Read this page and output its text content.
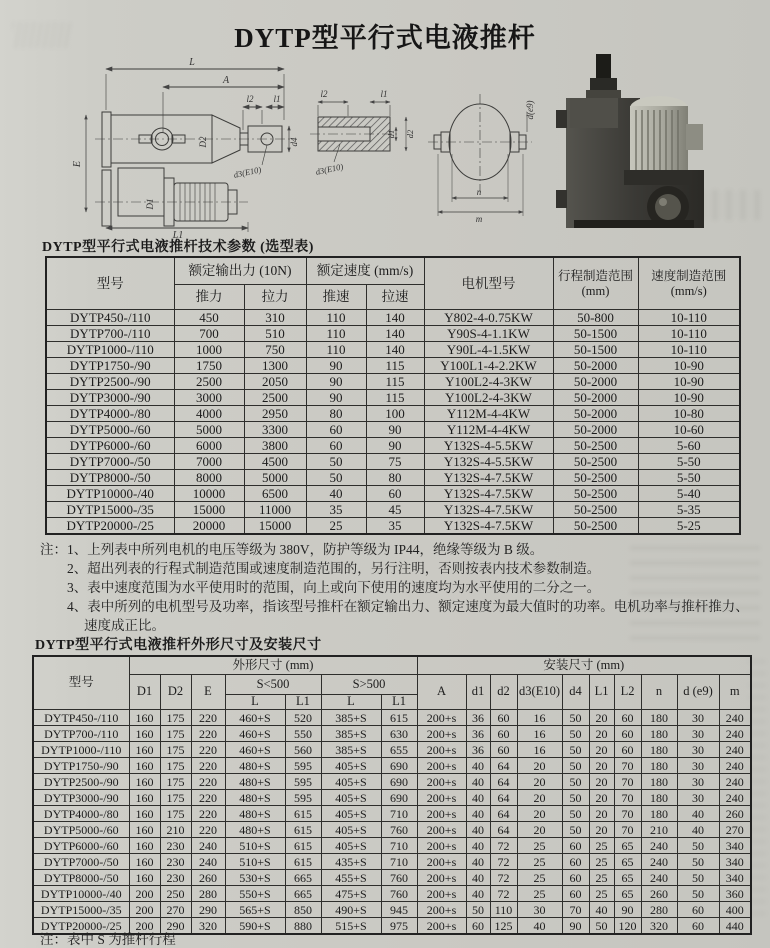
DYTP型平行式电液推杆
L
A
l2 l1
d4
D2
d3(E10)
E
D1
L1
l2	l1
d1 d2
d3(E10)
d(e9)
n
m
DYTP型平行式电液推杆技术参数 (选型表)
型号	额定输出力 (10N)		额定速度 (mm/s)		电机型号	行程制造范围
(mm)	速度制造范围
(mm/s)

	推力	拉力	推速	拉速			
DYTP450-/110	450	310	110	140	Y802-4-0.75KW	50-800	10-110
DYTP700-/110	700	510	110	140	Y90S-4-1.1KW	50-1500	10-110
DYTP1000-/110	1000	750	110	140	Y90L-4-1.5KW	50-1500	10-110
DYTP1750-/90	1750	1300	90	115	Y100L1-4-2.2KW	50-2000	10-90
DYTP2500-/90	2500	2050	90	115	Y100L2-4-3KW	50-2000	10-90
DYTP3000-/90	3000	2500	90	115	Y100L2-4-3KW	50-2000	10-90
DYTP4000-/80	4000	2950	80	100	Y112M-4-4KW	50-2000	10-80
DYTP5000-/60	5000	3300	60	90	Y112M-4-4KW	50-2000	10-60
DYTP6000-/60	6000	3800	60	90	Y132S-4-5.5KW	50-2500	5-60
DYTP7000-/50	7000	4500	50	75	Y132S-4-5.5KW	50-2500	5-50
DYTP8000-/50	8000	5000	50	80	Y132S-4-7.5KW	50-2500	5-50
DYTP10000-/40	10000	6500	40	60	Y132S-4-7.5KW	50-2500	5-40
DYTP15000-/35	15000	11000	35	45	Y132S-4-7.5KW	50-2500	5-35
DYTP20000-/25	20000	15000	25	35	Y132S-4-7.5KW	50-2500	5-25
注：1、上列表中所列电机的电压等级为 380V，防护等级为 IP44，绝缘等级为 B 级。
2、超出列表的行程式制造范围或速度制造范围的，另行注明，否则按表内技术参数制造。
3、表中速度范围为水平使用时的范围，向上或向下使用的速度均为水平使用的二分之一。
4、表中所列的电机型号及功率，指该型号推杆在额定输出力、额定速度为最大值时的功率。电机功率与推杆推力、
速度成正比。
DYTP型平行式电液推杆外形尺寸及安装尺寸
型号	外形尺寸 (mm)							安装尺寸 (mm)									
	D1	D2	E	S<500		S>500		A	d1	d2	d3(E10)	d4	L1	L2	n	d (e9)	m
				L	L1	L	L1										
DYTP450-/110	160	175	220	460+S	520	385+S	615	200+s	36	60	16	50	20	60	180	30	240
DYTP700-/110	160	175	220	460+S	550	385+S	630	200+s	36	60	16	50	20	60	180	30	240
DYTP1000-/110	160	175	220	460+S	560	385+S	655	200+s	36	60	16	50	20	60	180	30	240
DYTP1750-/90	160	175	220	480+S	595	405+S	690	200+s	40	64	20	50	20	70	180	30	240
DYTP2500-/90	160	175	220	480+S	595	405+S	690	200+s	40	64	20	50	20	70	180	30	240
DYTP3000-/90	160	175	220	480+S	595	405+S	690	200+s	40	64	20	50	20	70	180	30	240
DYTP4000-/80	160	175	220	480+S	615	405+S	710	200+s	40	64	20	50	20	70	180	40	260
DYTP5000-/60	160	210	220	480+S	615	405+S	760	200+s	40	64	20	50	20	70	210	40	270
DYTP6000-/60	160	230	240	510+S	615	405+S	710	200+s	40	72	25	60	25	65	240	50	340
DYTP7000-/50	160	230	240	510+S	615	435+S	710	200+s	40	72	25	60	25	65	240	50	340
DYTP8000-/50	160	230	260	530+S	665	455+S	760	200+s	40	72	25	60	25	65	240	50	340
DYTP10000-/40	200	250	280	550+S	665	475+S	760	200+s	40	72	25	60	25	65	260	50	360
DYTP15000-/35	200	270	290	565+S	850	490+S	945	200+s	50	110	30	70	40	90	280	60	400
DYTP20000-/25	200	290	320	590+S	880	515+S	975	200+s	60	125	40	90	50	120	320	60	440
注：表中 S 为推杆行程
